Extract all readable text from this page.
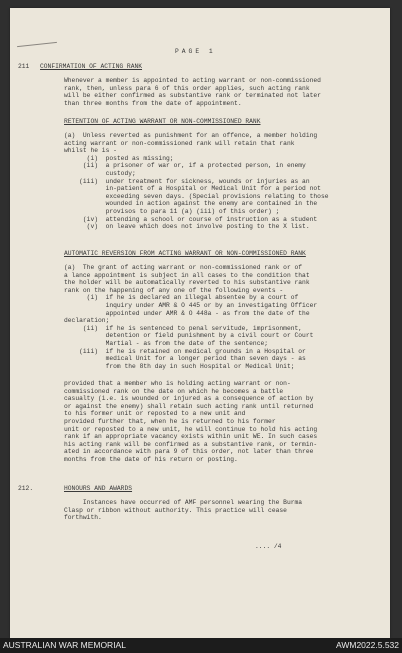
PAGE 1
211 CONFIRMATION OF ACTING RANK
Whenever a member is appointed to acting warrant or non-commissioned
rank, then, unless para 6 of this order applies, such acting rank
will be either confirmed as substantive rank or terminated not later
than three months from the date of appointment.
RETENTION OF ACTING WARRANT OR NON-COMMISSIONED RANK
(a)  Unless reverted as punishment for an offence, a member holding
acting warrant or non-commissioned rank will retain that rank
whilst he is -
(i)  posted as missing;
(ii)  a prisoner of war or, if a protected person, in enemy
custody;
(iii)  under treatment for sickness, wounds or injuries as an
in-patient of a Hospital or Medical Unit for a period not
exceeding seven days. (Special provisions relating to those
wounded in action against the enemy are contained in the
provisos to para 11 (a) (iii) of this order) ;
(iv)  attending a school or course of instruction as a student
(v)  on leave which does not involve posting to the X list.
AUTOMATIC REVERSION FROM ACTING WARRANT OR NON-COMMISSIONED RANK
(a)  The grant of acting warrant or non-commissioned rank or of
a lance appointment is subject in all cases to the condition that
the holder will be automatically reverted to his substantive rank
rank on the happening of any one of the following events -
(i)  if he is declared an illegal absentee by a court of
inquiry under AMR & O 445 or by an investigating Officer
appointed under AMR & O 448a - as from the date of the
declaration;
(ii)  if he is sentenced to penal servitude, imprisonment,
detention or field punishment by a civil court or Court
Martial - as from the date of the sentence;
(iii)  if he is retained on medical grounds in a Hospital or
medical Unit for a longer period than seven days - as
from the 8th day in such Hospital or Medical Unit;
provided that a member who is holding acting warrant or non-
commissioned rank on the date on which he becomes a battle
casualty (i.e. is wounded or injured as a consequence of action by
or against the enemy) shall retain such acting rank until returned
to his former unit or reposted to a new unit and
provided further that, when he is returned to his former
unit or reposted to a new unit, he will continue to hold his acting
rank if an appropriate vacancy exists within unit WE. In such cases
his acting rank will be confirmed as a substantive rank, or termin-
ated in accordance with para 9 of this order, not later than three
months from the date of his return or posting.
212.	HONOURS AND AWARDS
Instances have occurred of AMF personnel wearing the Burma
Clasp or ribbon without authority. This practice will cease
forthwith.
.... /4
AUSTRALIAN WAR MEMORIAL	AWM2022.5.532
